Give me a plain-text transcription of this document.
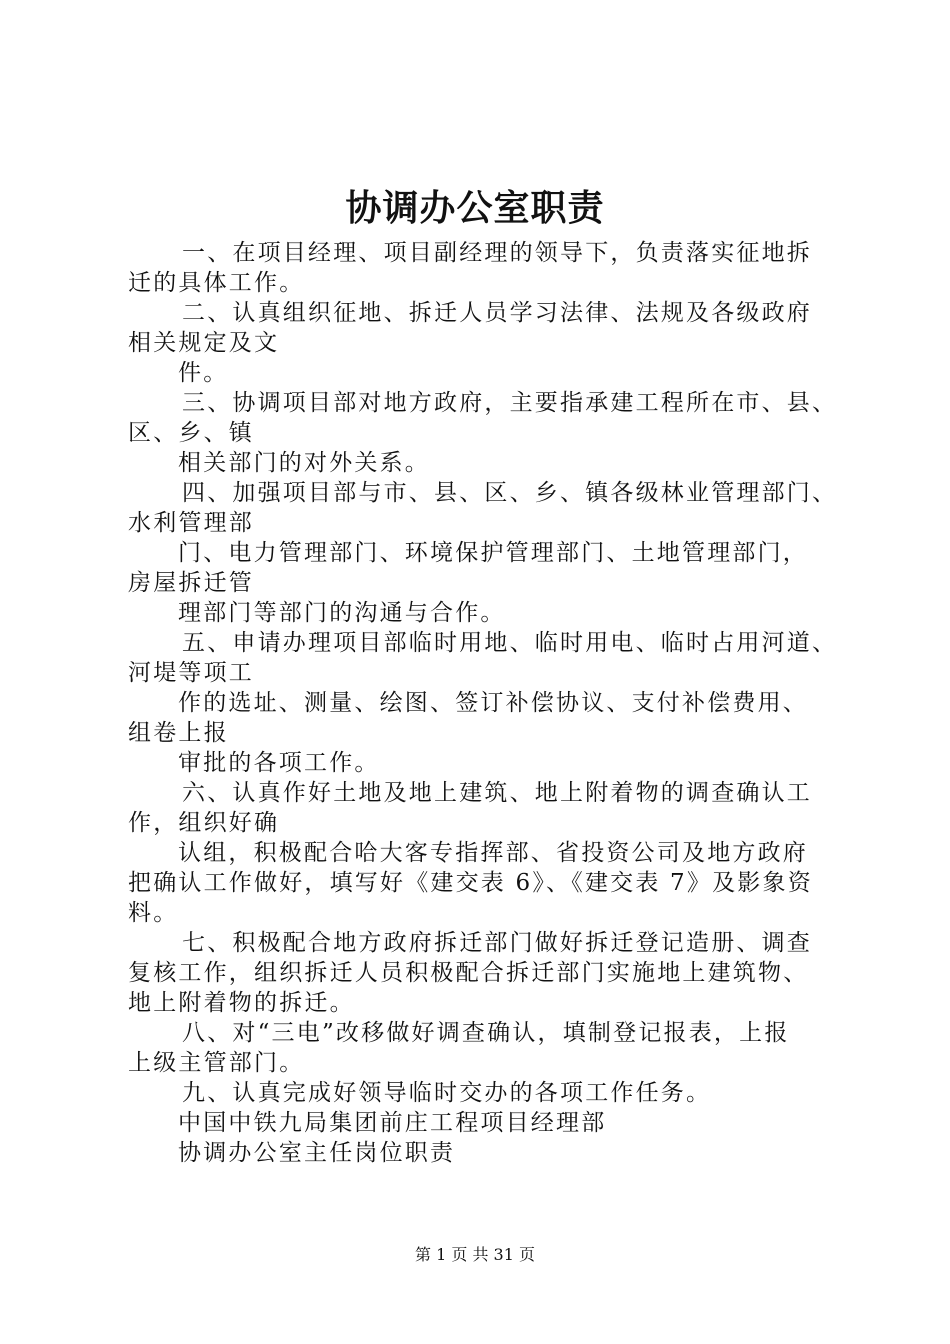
协调办公室职责
一、在项目经理、项目副经理的领导下，负责落实征地拆
迁的具体工作。
二、认真组织征地、拆迁人员学习法律、法规及各级政府
相关规定及文
件。
三、协调项目部对地方政府，主要指承建工程所在市、县、
区、乡、镇
相关部门的对外关系。
四、加强项目部与市、县、区、乡、镇各级林业管理部门、
水利管理部
门、电力管理部门、环境保护管理部门、土地管理部门，
房屋拆迁管
理部门等部门的沟通与合作。
五、申请办理项目部临时用地、临时用电、临时占用河道、
河堤等项工
作的选址、测量、绘图、签订补偿协议、支付补偿费用、
组卷上报
审批的各项工作。
六、认真作好土地及地上建筑、地上附着物的调查确认工
作，组织好确
认组，积极配合哈大客专指挥部、省投资公司及地方政府
把确认工作做好，填写好《建交表 6》、《建交表 7》及影象资
料。
七、积极配合地方政府拆迁部门做好拆迁登记造册、调查
复核工作，组织拆迁人员积极配合拆迁部门实施地上建筑物、
地上附着物的拆迁。
八、对“三电”改移做好调查确认，填制登记报表，上报
上级主管部门。
九、认真完成好领导临时交办的各项工作任务。
中国中铁九局集团前庄工程项目经理部
协调办公室主任岗位职责
第 1 页 共 31 页
